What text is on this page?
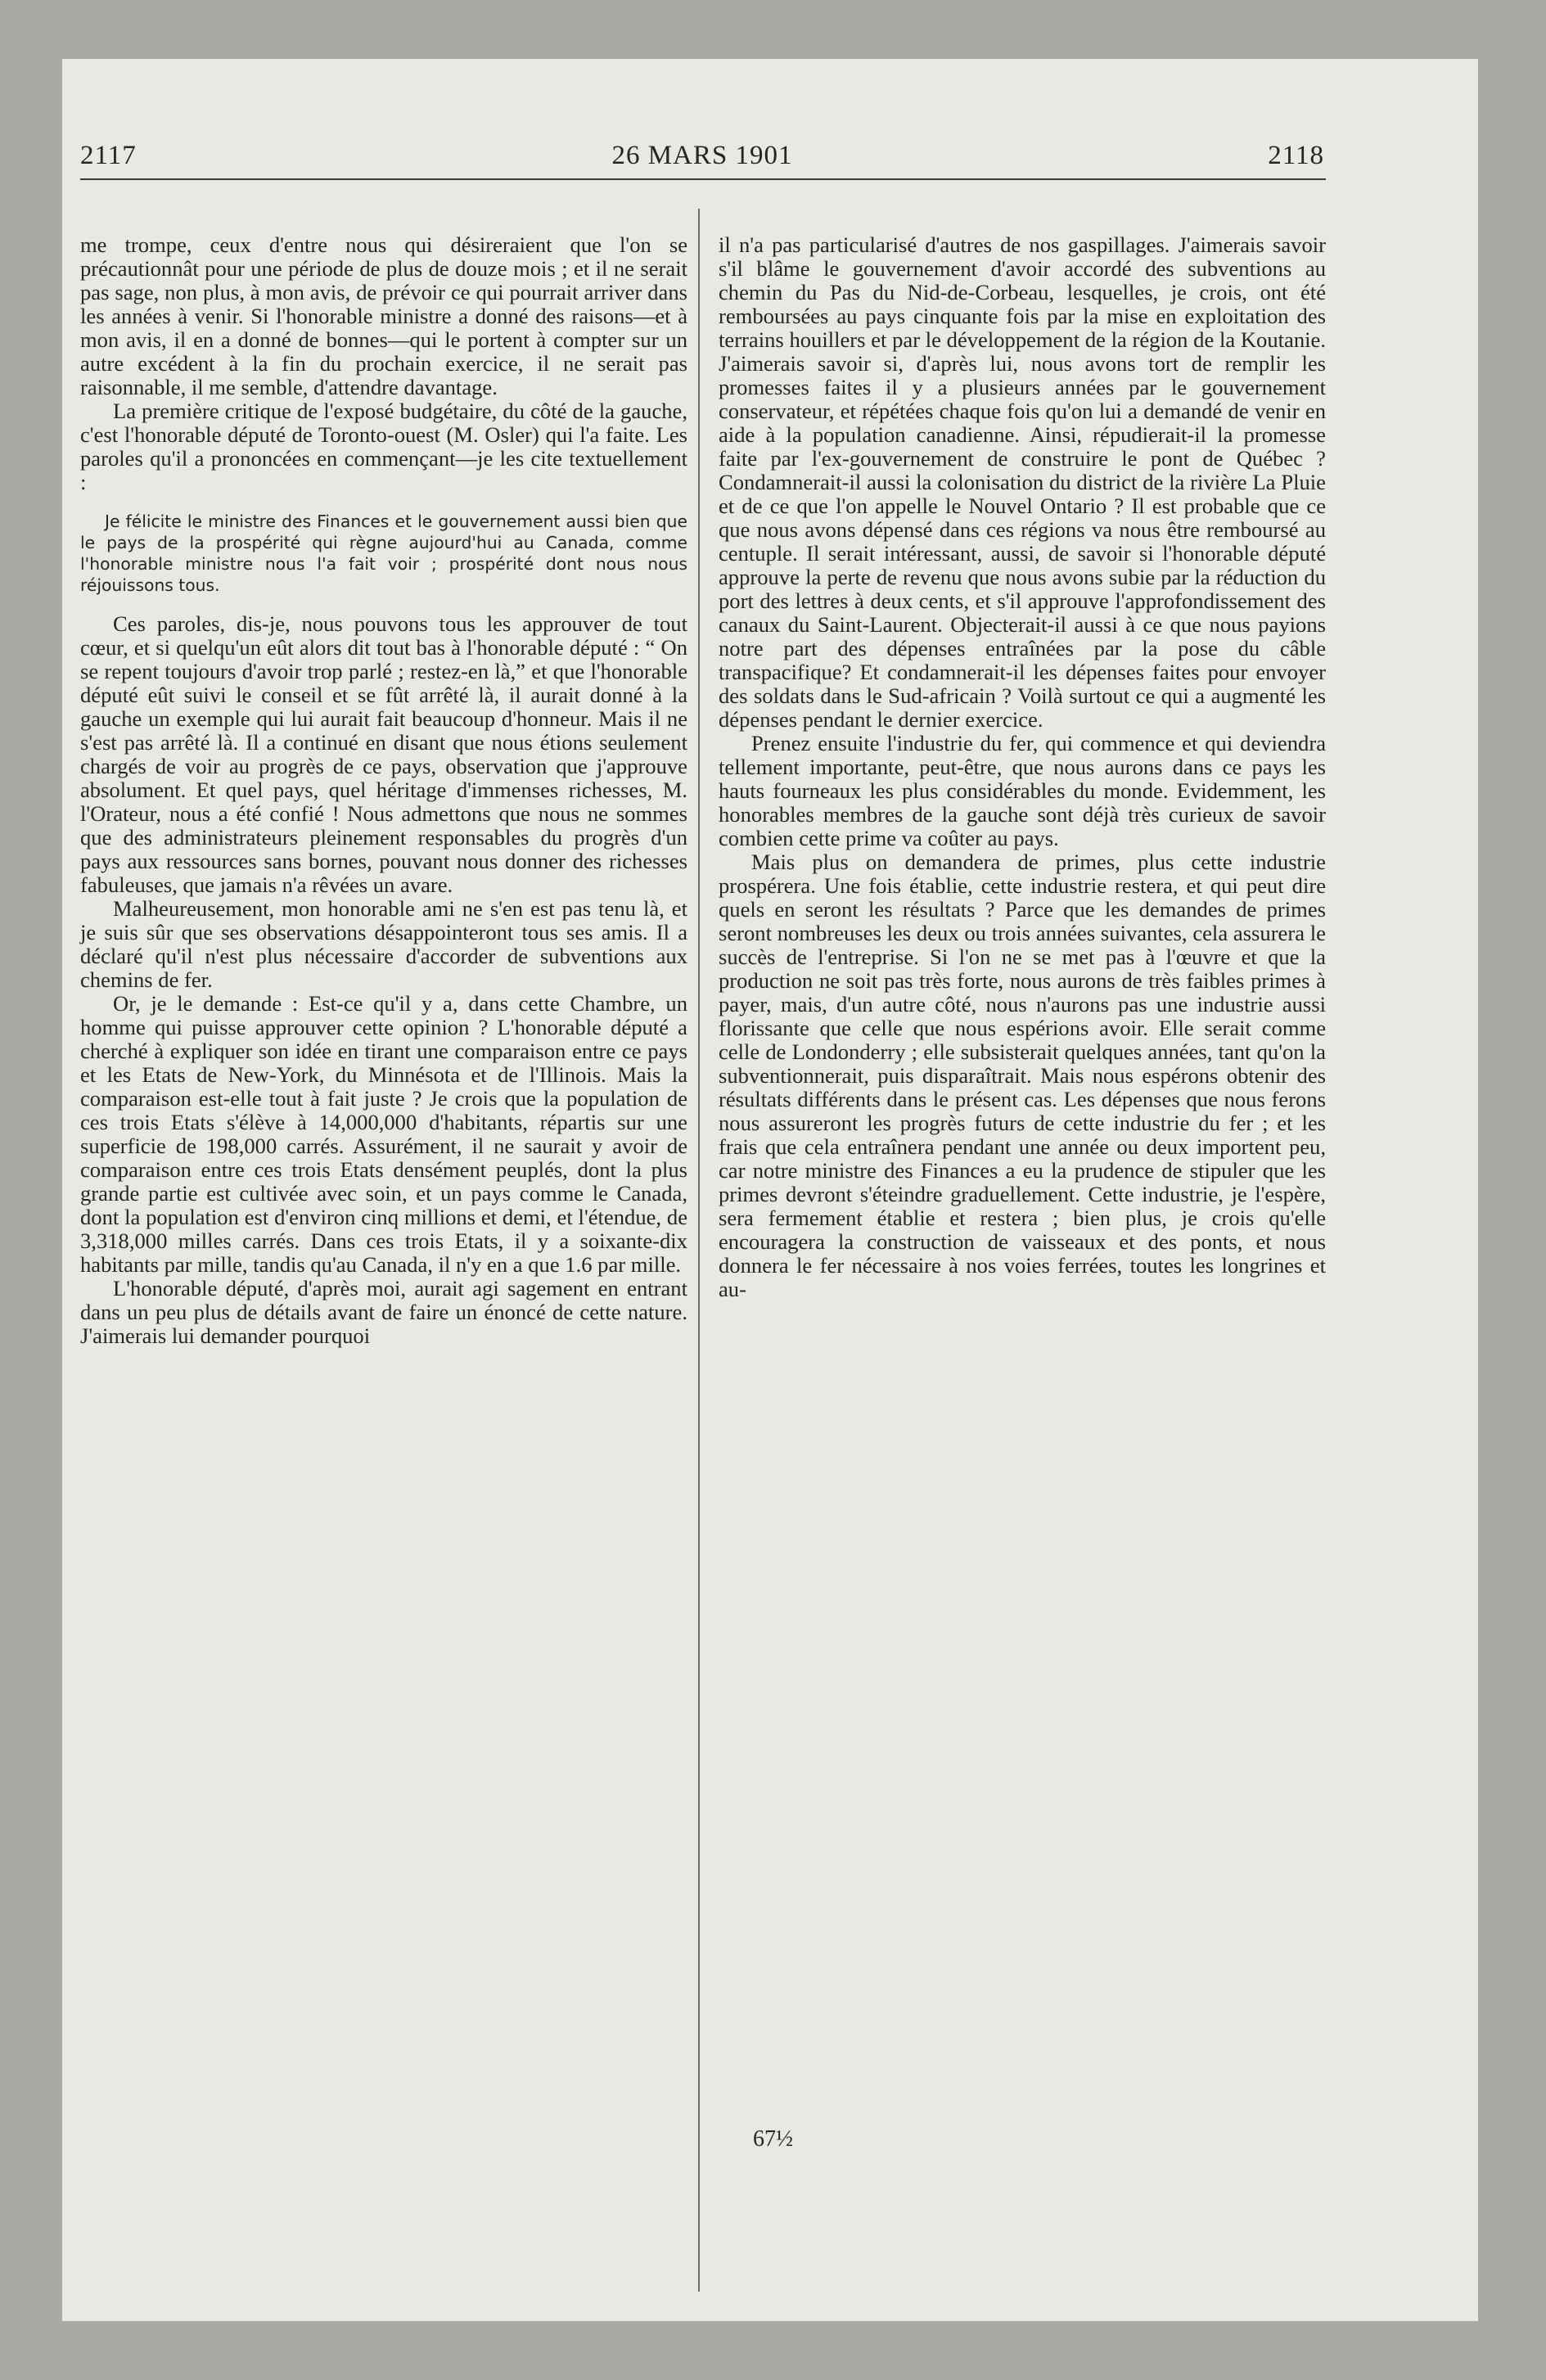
26 MARS 1901
2117	2118

me trompe, ceux d'entre nous qui désireraient que l'on se précautionnât pour une période de plus de douze mois ; et il ne serait pas sage, non plus, à mon avis, de prévoir ce qui pourrait arriver dans les années à venir. Si l'honorable ministre a donné des raisons—et à mon avis, il en a donné de bonnes—qui le portent à compter sur un autre excédent à la fin du prochain exercice, il ne serait pas raisonnable, il me semble, d'attendre davantage.

La première critique de l'exposé budgétaire, du côté de la gauche, c'est l'honorable député de Toronto-ouest (M. Osler) qui l'a faite. Les paroles qu'il a prononcées en commençant—je les cite textuellement :

Je félicite le ministre des Finances et le gouvernement aussi bien que le pays de la prospérité qui règne aujourd'hui au Canada, comme l'honorable ministre nous l'a fait voir ; prospérité dont nous nous réjouissons tous.

Ces paroles, dis-je, nous pouvons tous les approuver de tout cœur, et si quelqu'un eût alors dit tout bas à l'honorable député : “ On se repent toujours d'avoir trop parlé ; restez-en là,” et que l'honorable député eût suivi le conseil et se fût arrêté là, il aurait donné à la gauche un exemple qui lui aurait fait beaucoup d'honneur. Mais il ne s'est pas arrêté là. Il a continué en disant que nous étions seulement chargés de voir au progrès de ce pays, observation que j'approuve absolument. Et quel pays, quel héritage d'immenses richesses, M. l'Orateur, nous a été confié ! Nous admettons que nous ne sommes que des administrateurs pleinement responsables du progrès d'un pays aux ressources sans bornes, pouvant nous donner des richesses fabuleuses, que jamais n'a rêvées un avare.

Malheureusement, mon honorable ami ne s'en est pas tenu là, et je suis sûr que ses observations désappointeront tous ses amis. Il a déclaré qu'il n'est plus nécessaire d'accorder de subventions aux chemins de fer.

Or, je le demande : Est-ce qu'il y a, dans cette Chambre, un homme qui puisse approuver cette opinion ? L'honorable député a cherché à expliquer son idée en tirant une comparaison entre ce pays et les Etats de New-York, du Minnésota et de l'Illinois. Mais la comparaison est-elle tout à fait juste ? Je crois que la population de ces trois Etats s'élève à 14,000,000 d'habitants, répartis sur une superficie de 198,000 carrés. Assurément, il ne saurait y avoir de comparaison entre ces trois Etats densément peuplés, dont la plus grande partie est cultivée avec soin, et un pays comme le Canada, dont la population est d'environ cinq millions et demi, et l'étendue, de 3,318,000 milles carrés. Dans ces trois Etats, il y a soixante-dix habitants par mille, tandis qu'au Canada, il n'y en a que 1.6 par mille.

L'honorable député, d'après moi, aurait agi sagement en entrant dans un peu plus de détails avant de faire un énoncé de cette nature. J'aimerais lui demander pourquoi

il n'a pas particularisé d'autres de nos gaspillages. J'aimerais savoir s'il blâme le gouvernement d'avoir accordé des subventions au chemin du Pas du Nid-de-Corbeau, lesquelles, je crois, ont été remboursées au pays cinquante fois par la mise en exploitation des terrains houillers et par le développement de la région de la Koutanie. J'aimerais savoir si, d'après lui, nous avons tort de remplir les promesses faites il y a plusieurs années par le gouvernement conservateur, et répétées chaque fois qu'on lui a demandé de venir en aide à la population canadienne. Ainsi, répudierait-il la promesse faite par l'ex-gouvernement de construire le pont de Québec ? Condamnerait-il aussi la colonisation du district de la rivière La Pluie et de ce que l'on appelle le Nouvel Ontario ? Il est probable que ce que nous avons dépensé dans ces régions va nous être remboursé au centuple. Il serait intéressant, aussi, de savoir si l'honorable député approuve la perte de revenu que nous avons subie par la réduction du port des lettres à deux cents, et s'il approuve l'approfondissement des canaux du Saint-Laurent. Objecterait-il aussi à ce que nous payions notre part des dépenses entraînées par la pose du câble transpacifique? Et condamnerait-il les dépenses faites pour envoyer des soldats dans le Sud-africain ? Voilà surtout ce qui a augmenté les dépenses pendant le dernier exercice.

Prenez ensuite l'industrie du fer, qui commence et qui deviendra tellement importante, peut-être, que nous aurons dans ce pays les hauts fourneaux les plus considérables du monde. Evidemment, les honorables membres de la gauche sont déjà très curieux de savoir combien cette prime va coûter au pays.

Mais plus on demandera de primes, plus cette industrie prospérera. Une fois établie, cette industrie restera, et qui peut dire quels en seront les résultats ? Parce que les demandes de primes seront nombreuses les deux ou trois années suivantes, cela assurera le succès de l'entreprise. Si l'on ne se met pas à l'œuvre et que la production ne soit pas très forte, nous aurons de très faibles primes à payer, mais, d'un autre côté, nous n'aurons pas une industrie aussi florissante que celle que nous espérions avoir. Elle serait comme celle de Londonderry ; elle subsisterait quelques années, tant qu'on la subventionnerait, puis disparaîtrait. Mais nous espérons obtenir des résultats différents dans le présent cas. Les dépenses que nous ferons nous assureront les progrès futurs de cette industrie du fer ; et les frais que cela entraînera pendant une année ou deux importent peu, car notre ministre des Finances a eu la prudence de stipuler que les primes devront s'éteindre graduellement. Cette industrie, je l'espère, sera fermement établie et restera ; bien plus, je crois qu'elle encouragera la construction de vaisseaux et des ponts, et nous donnera le fer nécessaire à nos voies ferrées, toutes les longrines et au-

67½
